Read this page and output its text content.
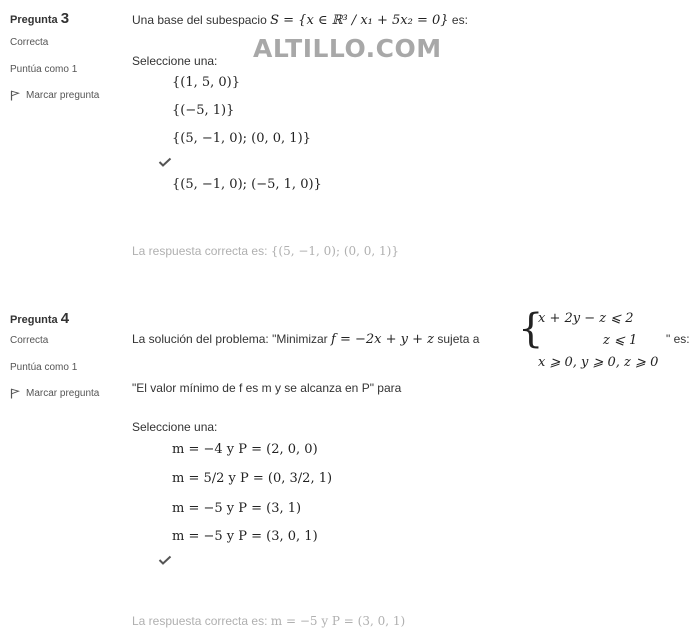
ALTILLO.COM
Pregunta 3
Correcta
Puntúa como 1
Marcar pregunta
Una base del subespacio S = {x ∈ ℝ³ / x₁ + 5x₂ = 0} es:
Seleccione una:
{(1, 5, 0)}
{(−5, 1)}
{(5, −1, 0); (0, 0, 1)}
{(5, −1, 0); (−5, 1, 0)}
La respuesta correcta es: {(5, −1, 0); (0, 0, 1)}
Pregunta 4
Correcta
Puntúa como 1
Marcar pregunta
La solución del problema: "Minimizar f = −2x + y + z sujeta a {
x + 2y − z ⩽ 2
z ⩽ 1
x ⩾ 0, y ⩾ 0, z ⩾ 0
" es:
"El valor mínimo de f es m y se alcanza en P" para
Seleccione una:
m = −4 y P = (2, 0, 0)
m = 5/2 y P = (0, 3/2, 1)
m = −5 y P = (3, 1)
m = −5 y P = (3, 0, 1)
La respuesta correcta es: m = −5 y P = (3, 0, 1)
